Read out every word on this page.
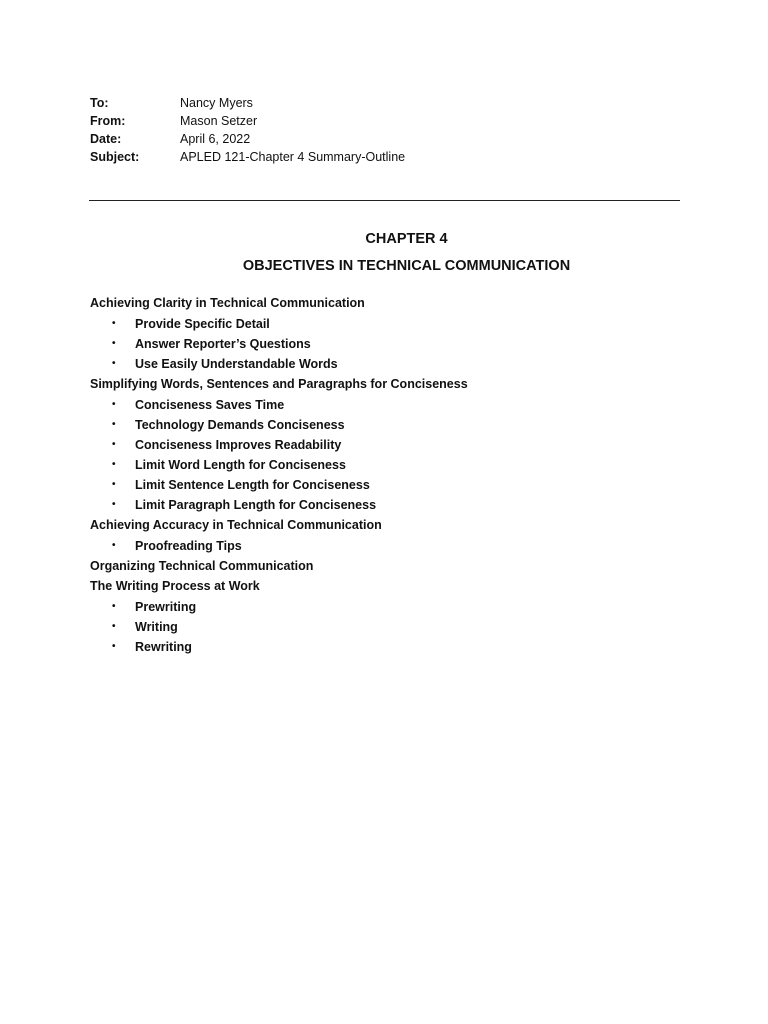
To:	Nancy Myers
From:	Mason Setzer
Date:	April 6, 2022
Subject:	APLED 121-Chapter 4 Summary-Outline
CHAPTER 4
OBJECTIVES IN TECHNICAL COMMUNICATION
Achieving Clarity in Technical Communication
•	Provide Specific Detail
•	Answer Reporter’s Questions
•	Use Easily Understandable Words
Simplifying Words, Sentences and Paragraphs for Conciseness
•	Conciseness Saves Time
•	Technology Demands Conciseness
•	Conciseness Improves Readability
•	Limit Word Length for Conciseness
•	Limit Sentence Length for Conciseness
•	Limit Paragraph Length for Conciseness
Achieving Accuracy in Technical Communication
•	Proofreading Tips
Organizing Technical Communication
The Writing Process at Work
•	Prewriting
•	Writing
•	Rewriting
